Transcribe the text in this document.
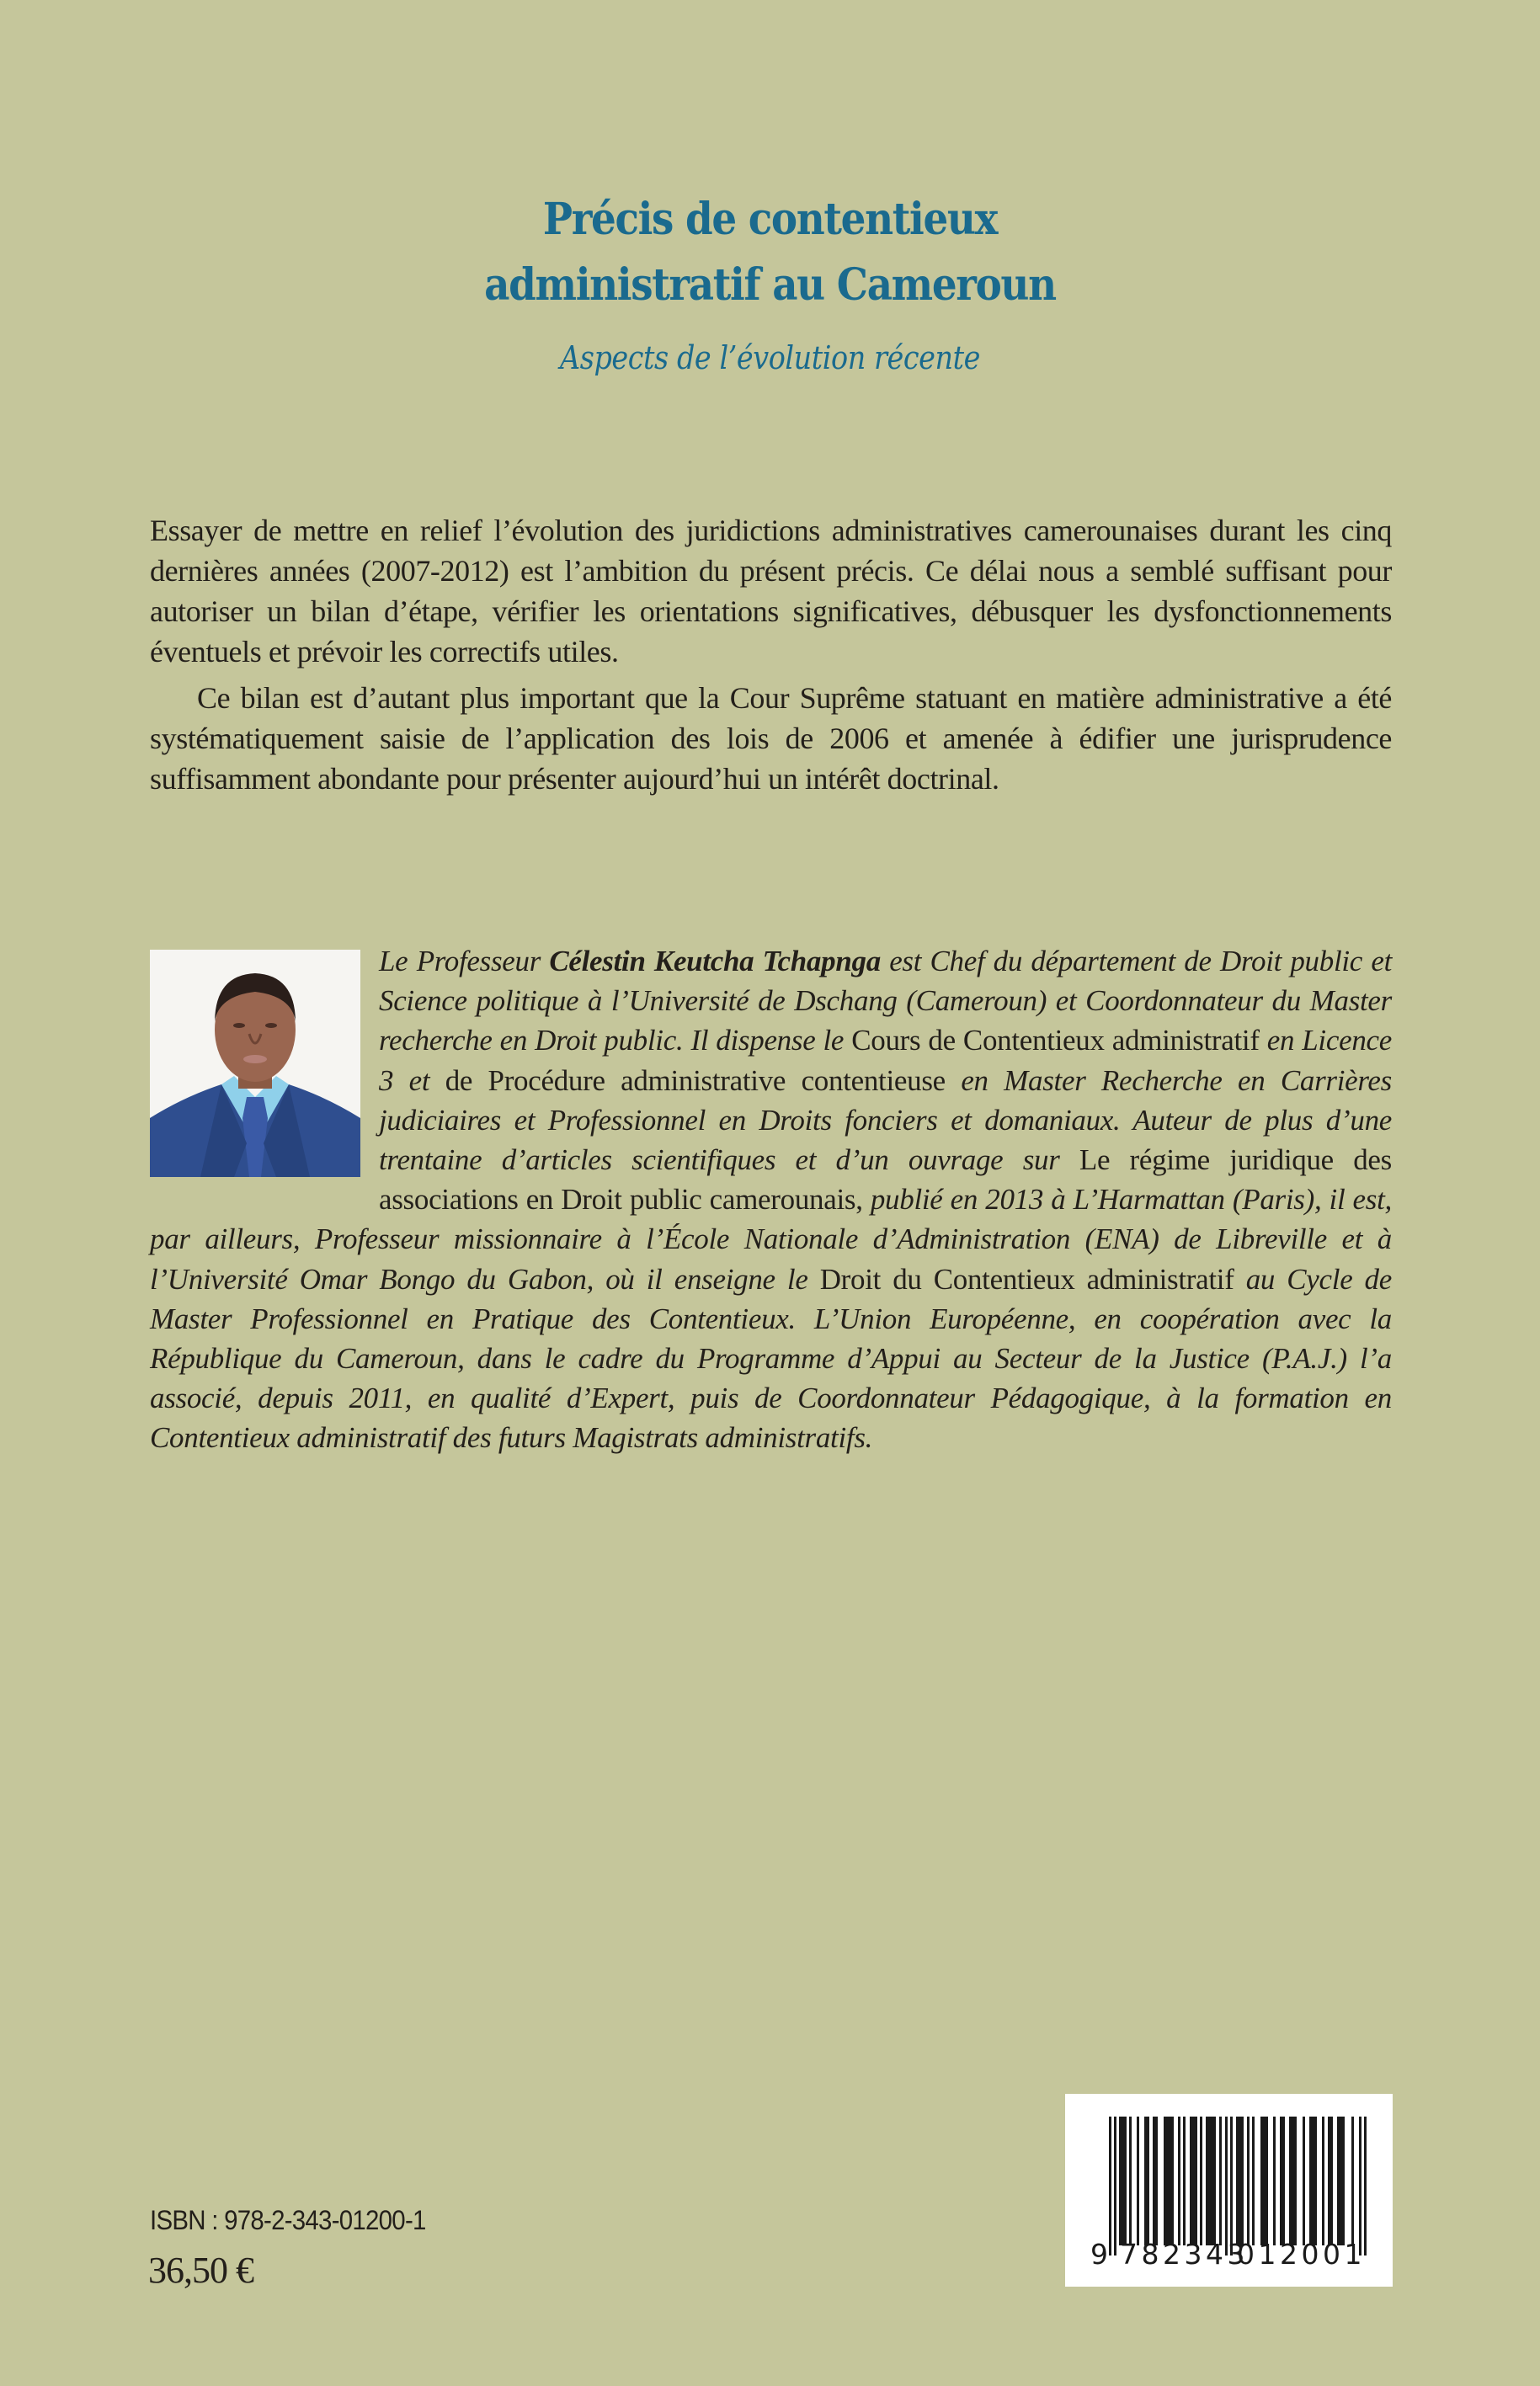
Précis de contentieux
administratif au Cameroun
Aspects de l’évolution récente

Essayer de mettre en relief l’évolution des juridictions administratives camerounaises durant les cinq dernières années (2007-2012) est l’ambition du présent précis. Ce délai nous a semblé suffisant pour autoriser un bilan d’étape, vérifier les orientations significatives, débusquer les dysfonctionnements éventuels et prévoir les correctifs utiles.

Ce bilan est d’autant plus important que la Cour Suprême statuant en matière administrative a été systématiquement saisie de l’application des lois de 2006 et amenée à édifier une jurisprudence suffisamment abondante pour présenter aujourd’hui un intérêt doctrinal.

Le Professeur Célestin Keutcha Tchapnga est Chef du département de Droit public et Science politique à l’Université de Dschang (Cameroun) et Coordonnateur du Master recherche en Droit public. Il dispense le Cours de Contentieux administratif en Licence 3 et de Procédure administrative contentieuse en Master Recherche en Carrières judiciaires et Professionnel en Droits fonciers et domaniaux. Auteur de plus d’une trentaine d’articles scientifiques et d’un ouvrage sur Le régime juridique des associations en Droit public camerounais, publié en 2013 à L’Harmattan (Paris), il est, par ailleurs, Professeur missionnaire à l’École Nationale d’Administration (ENA) de Libreville et à l’Université Omar Bongo du Gabon, où il enseigne le Droit du Contentieux administratif au Cycle de Master Professionnel en Pratique des Contentieux. L’Union Européenne, en coopération avec la République du Cameroun, dans le cadre du Programme d’Appui au Secteur de la Justice (P.A.J.) l’a associé, depuis 2011, en qualité d’Expert, puis de Coordonnateur Pédagogique, à la formation en Contentieux administratif des futurs Magistrats administratifs.

ISBN : 978-2-343-01200-1
36,50 €	9 782343
012001
